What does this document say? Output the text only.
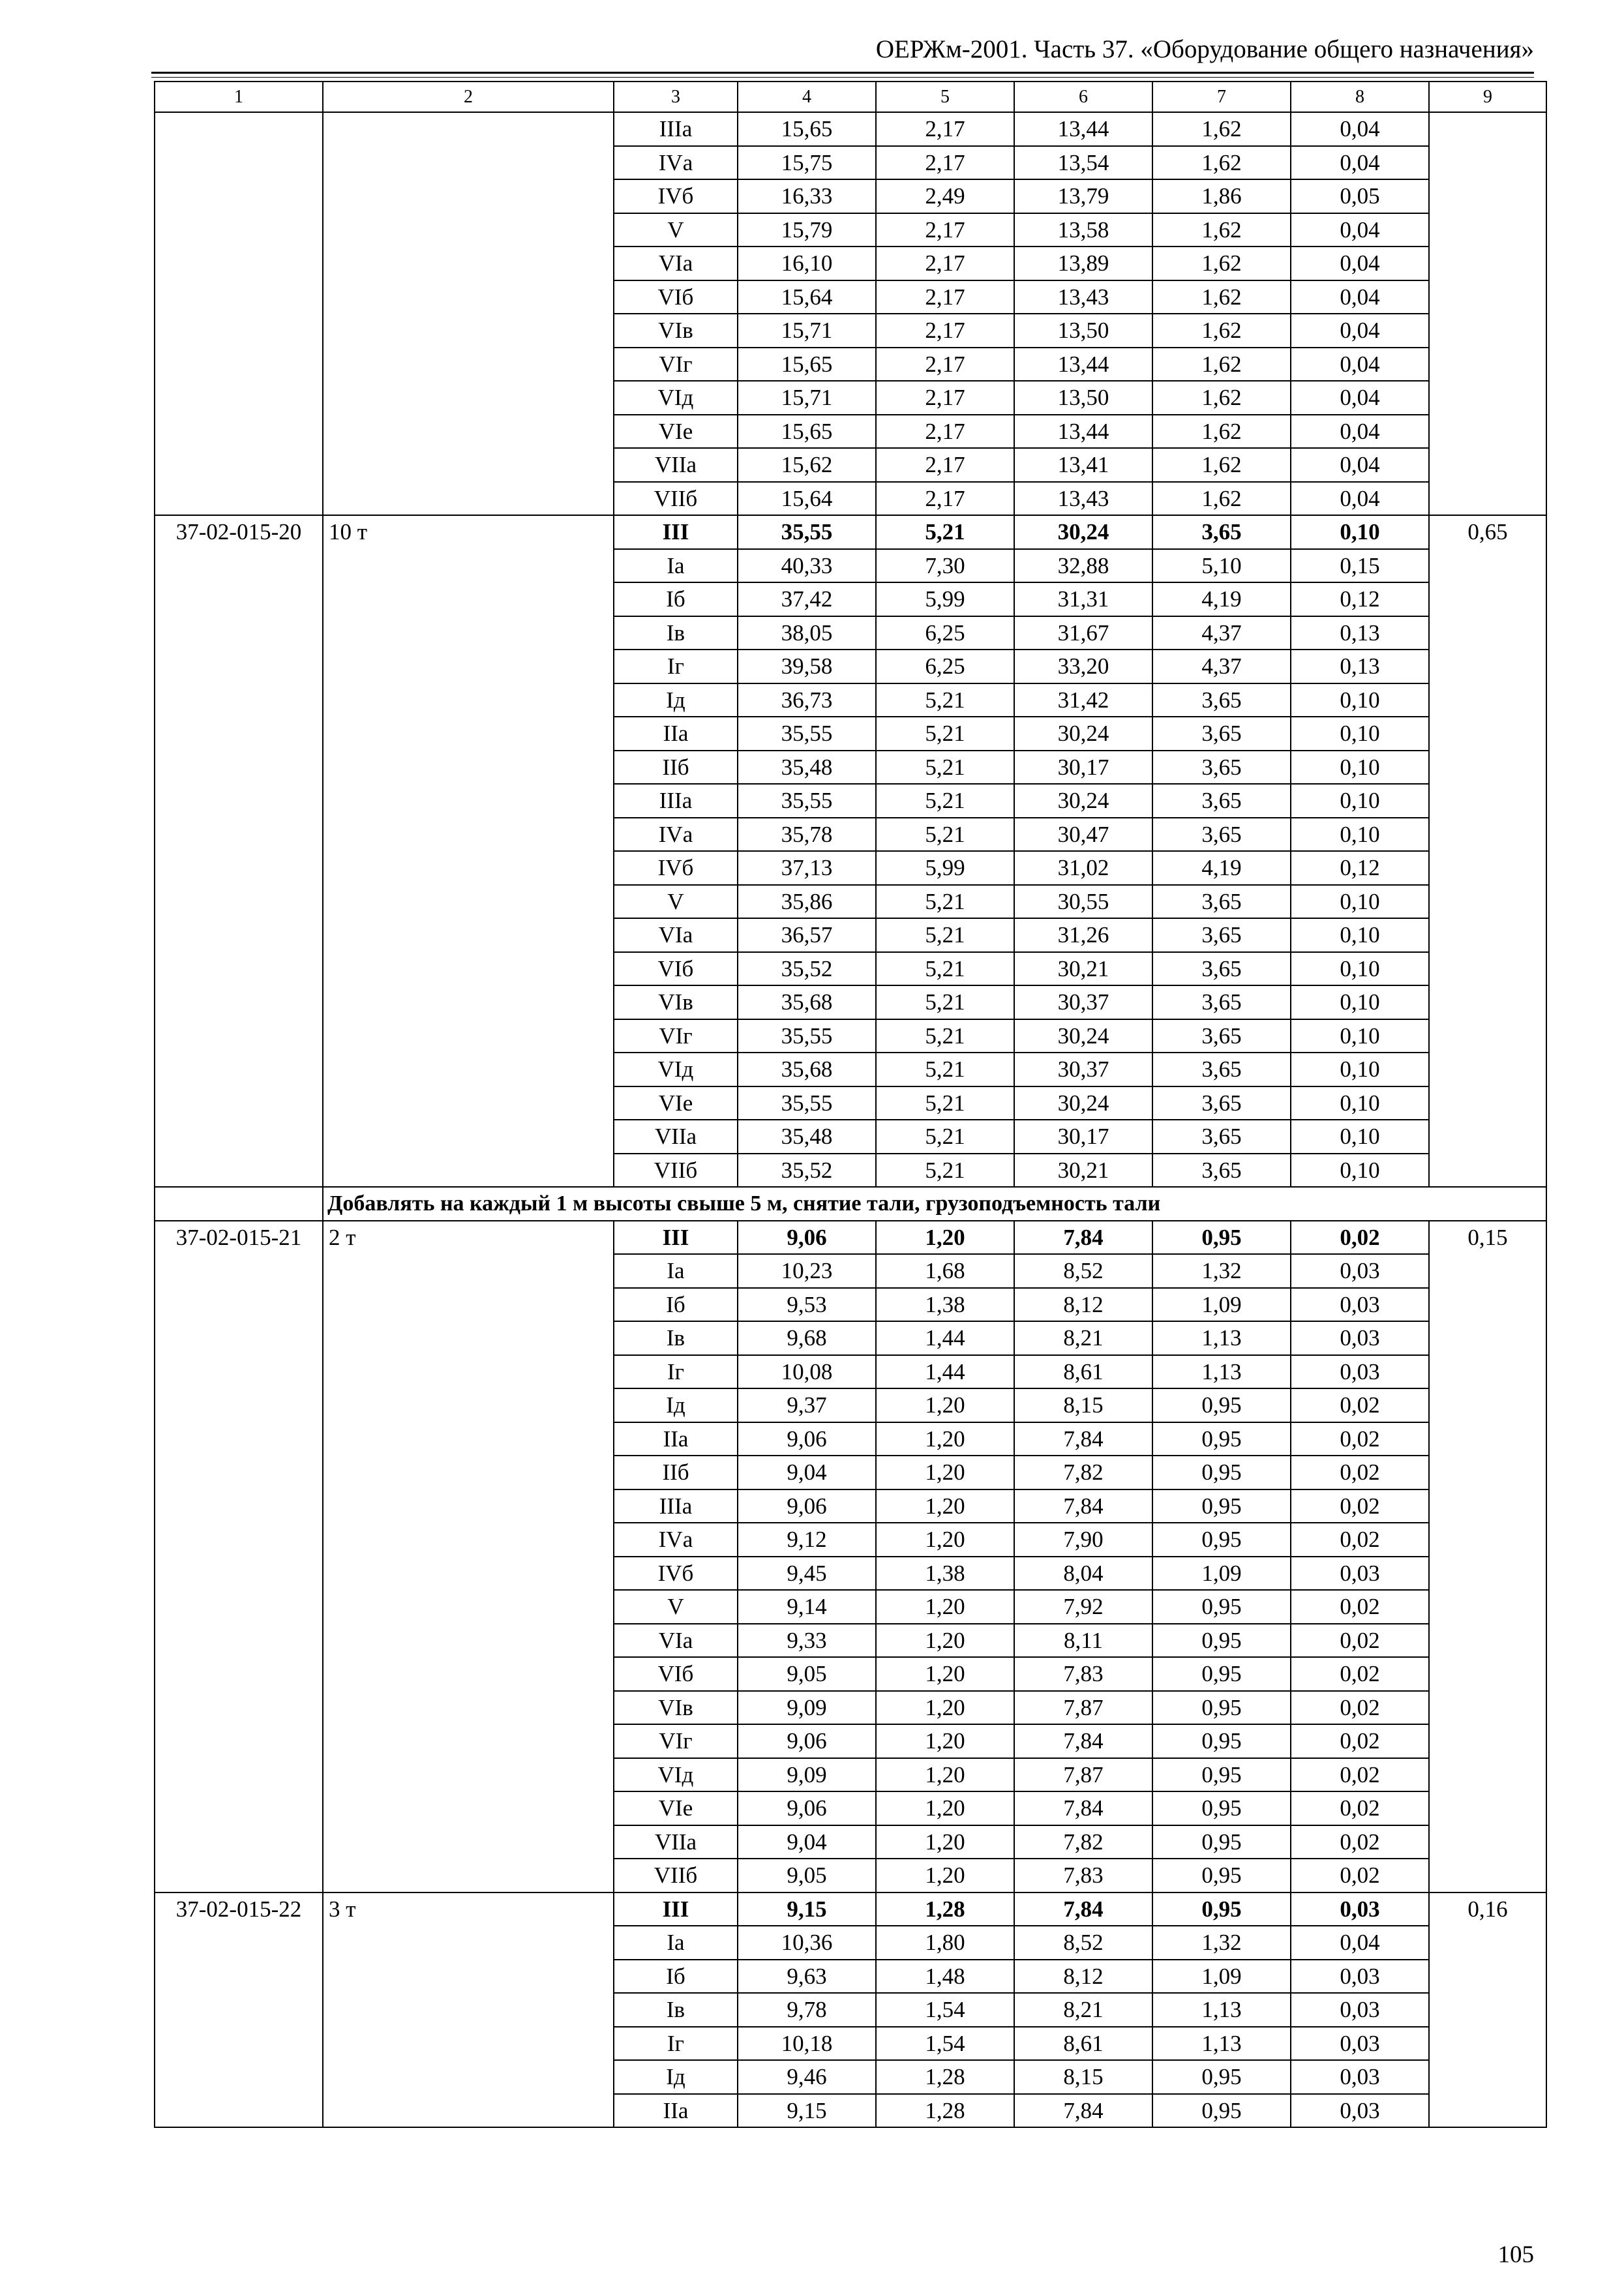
ОЕРЖм-2001. Часть 37. «Оборудование общего назначения»
1	2	3	4	5	6	7	8	9
		IIIа	15,65	2,17	13,44	1,62	0,04	
		IVа	15,75	2,17	13,54	1,62	0,04	
		IVб	16,33	2,49	13,79	1,86	0,05	
		V	15,79	2,17	13,58	1,62	0,04	
		VIа	16,10	2,17	13,89	1,62	0,04	
		VIб	15,64	2,17	13,43	1,62	0,04	
		VIв	15,71	2,17	13,50	1,62	0,04	
		VIг	15,65	2,17	13,44	1,62	0,04	
		VIд	15,71	2,17	13,50	1,62	0,04	
		VIе	15,65	2,17	13,44	1,62	0,04	
		VIIа	15,62	2,17	13,41	1,62	0,04	
		VIIб	15,64	2,17	13,43	1,62	0,04	
37-02-015-20	10 т	III	35,55	5,21	30,24	3,65	0,10	0,65
		Iа	40,33	7,30	32,88	5,10	0,15	
		Iб	37,42	5,99	31,31	4,19	0,12	
		Iв	38,05	6,25	31,67	4,37	0,13	
		Iг	39,58	6,25	33,20	4,37	0,13	
		Iд	36,73	5,21	31,42	3,65	0,10	
		IIа	35,55	5,21	30,24	3,65	0,10	
		IIб	35,48	5,21	30,17	3,65	0,10	
		IIIа	35,55	5,21	30,24	3,65	0,10	
		IVа	35,78	5,21	30,47	3,65	0,10	
		IVб	37,13	5,99	31,02	4,19	0,12	
		V	35,86	5,21	30,55	3,65	0,10	
		VIа	36,57	5,21	31,26	3,65	0,10	
		VIб	35,52	5,21	30,21	3,65	0,10	
		VIв	35,68	5,21	30,37	3,65	0,10	
		VIг	35,55	5,21	30,24	3,65	0,10	
		VIд	35,68	5,21	30,37	3,65	0,10	
		VIе	35,55	5,21	30,24	3,65	0,10	
		VIIа	35,48	5,21	30,17	3,65	0,10	
		VIIб	35,52	5,21	30,21	3,65	0,10	
	Добавлять на каждый 1 м высоты свыше 5 м, снятие тали, грузоподъемность тали							
37-02-015-21	2 т	III	9,06	1,20	7,84	0,95	0,02	0,15
		Iа	10,23	1,68	8,52	1,32	0,03	
		Iб	9,53	1,38	8,12	1,09	0,03	
		Iв	9,68	1,44	8,21	1,13	0,03	
		Iг	10,08	1,44	8,61	1,13	0,03	
		Iд	9,37	1,20	8,15	0,95	0,02	
		IIа	9,06	1,20	7,84	0,95	0,02	
		IIб	9,04	1,20	7,82	0,95	0,02	
		IIIа	9,06	1,20	7,84	0,95	0,02	
		IVа	9,12	1,20	7,90	0,95	0,02	
		IVб	9,45	1,38	8,04	1,09	0,03	
		V	9,14	1,20	7,92	0,95	0,02	
		VIа	9,33	1,20	8,11	0,95	0,02	
		VIб	9,05	1,20	7,83	0,95	0,02	
		VIв	9,09	1,20	7,87	0,95	0,02	
		VIг	9,06	1,20	7,84	0,95	0,02	
		VIд	9,09	1,20	7,87	0,95	0,02	
		VIе	9,06	1,20	7,84	0,95	0,02	
		VIIа	9,04	1,20	7,82	0,95	0,02	
		VIIб	9,05	1,20	7,83	0,95	0,02	
37-02-015-22	3 т	III	9,15	1,28	7,84	0,95	0,03	0,16
		Iа	10,36	1,80	8,52	1,32	0,04	
		Iб	9,63	1,48	8,12	1,09	0,03	
		Iв	9,78	1,54	8,21	1,13	0,03	
		Iг	10,18	1,54	8,61	1,13	0,03	
		Iд	9,46	1,28	8,15	0,95	0,03	
		IIа	9,15	1,28	7,84	0,95	0,03	
105
